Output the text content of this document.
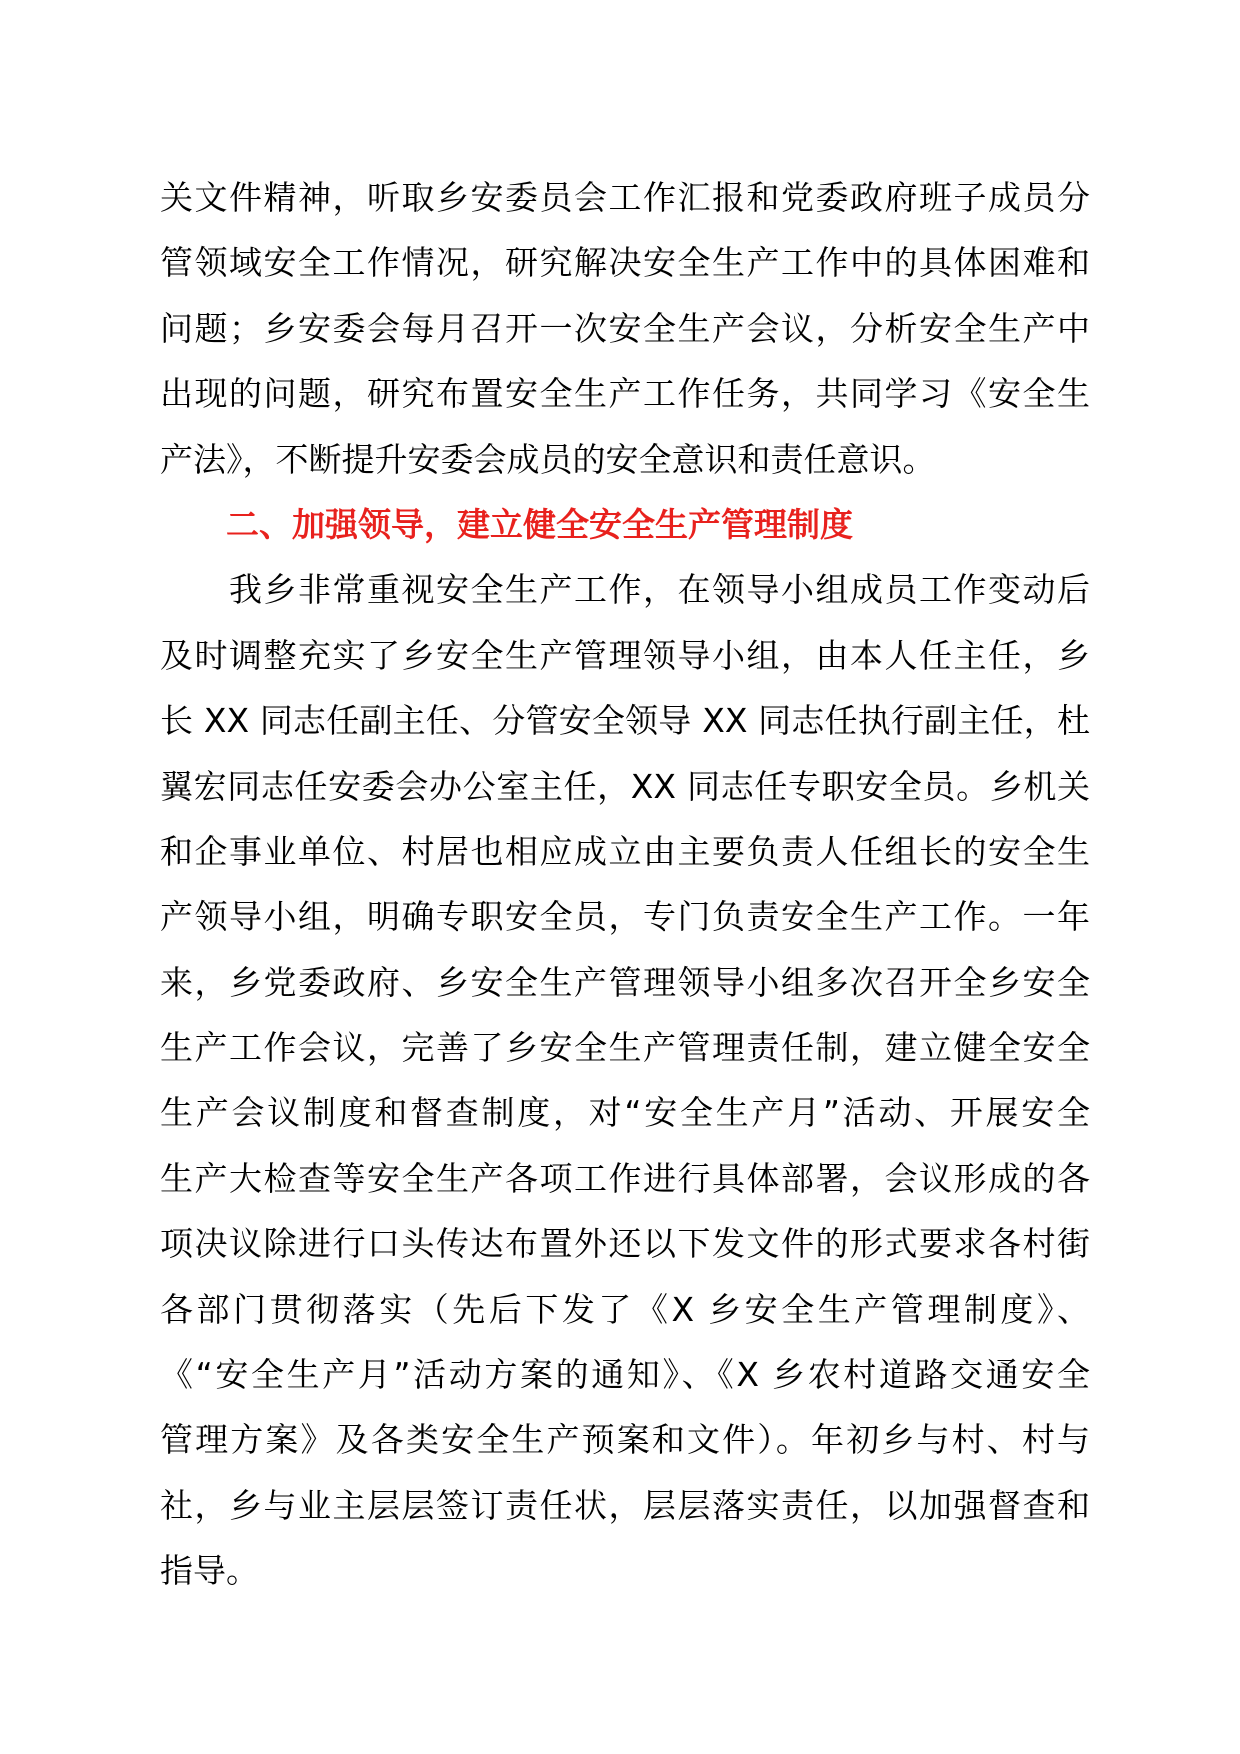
关文件精神，听取乡安委员会工作汇报和党委政府班子成员分
管领域安全工作情况，研究解决安全生产工作中的具体困难和
问题；乡安委会每月召开一次安全生产会议，分析安全生产中
出现的问题，研究布置安全生产工作任务，共同学习《安全生
产法》，不断提升安委会成员的安全意识和责任意识。
　　二、加强领导，建立健全安全生产管理制度
　　我乡非常重视安全生产工作，在领导小组成员工作变动后
及时调整充实了乡安全生产管理领导小组，由本人任主任，乡
长 XX 同志任副主任、分管安全领导 XX 同志任执行副主任，杜
翼宏同志任安委会办公室主任，XX 同志任专职安全员。乡机关
和企事业单位、村居也相应成立由主要负责人任组长的安全生
产领导小组，明确专职安全员，专门负责安全生产工作。一年
来，乡党委政府、乡安全生产管理领导小组多次召开全乡安全
生产工作会议，完善了乡安全生产管理责任制，建立健全安全
生产会议制度和督查制度，对“安全生产月”活动、开展安全
生产大检查等安全生产各项工作进行具体部署，会议形成的各
项决议除进行口头传达布置外还以下发文件的形式要求各村街
各部门贯彻落实（先后下发了《X 乡安全生产管理制度》、
《“安全生产月”活动方案的通知》、《X 乡农村道路交通安全
管理方案》及各类安全生产预案和文件）。年初乡与村、村与
社，乡与业主层层签订责任状，层层落实责任，以加强督查和
指导。
